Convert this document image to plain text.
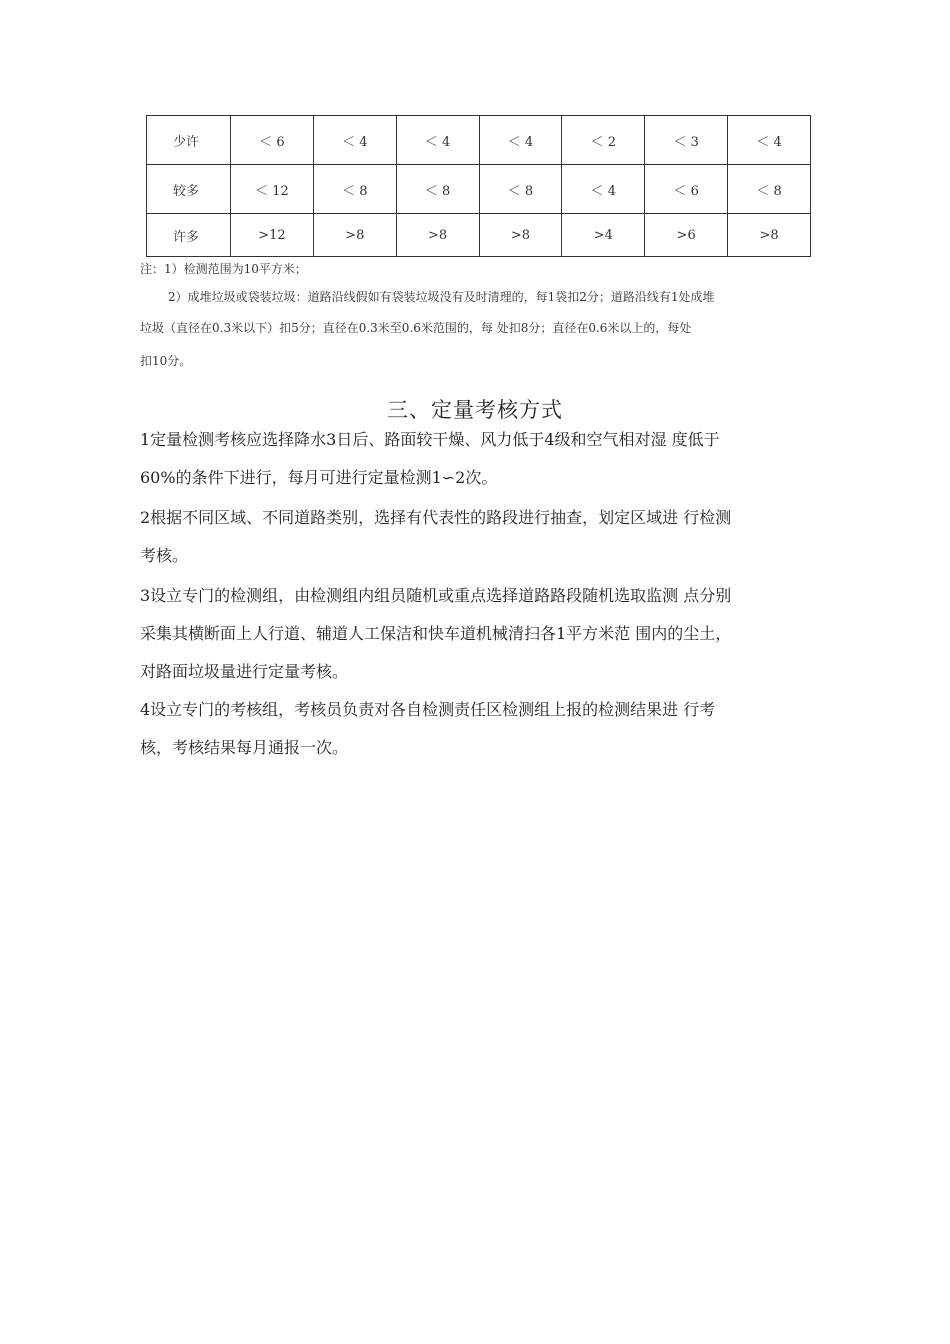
少许	＜ 6	＜ 4	＜ 4	＜ 4	＜ 2	＜ 3	＜ 4
较多	＜ 12	＜ 8	＜ 8	＜ 8	＜ 4	＜ 6	＜ 8
许多	>12	>8	>8	>8	>4	>6	>8
注：1）检测范围为10平方米；
2）成堆垃圾或袋装垃圾：道路沿线假如有袋装垃圾没有及时清理的，每1袋扣2分；道路沿线有1处成堆
垃圾（直径在0.3米以下）扣5分；直径在0.3米至0.6米范围的，每 处扣8分；直径在0.6米以上的，每处
扣10分。
三、定量考核方式
1定量检测考核应选择降水3日后、路面较干燥、风力低于4级和空气相对湿 度低于
60%的条件下进行，每月可进行定量检测1∽2次。
2根据不同区域、不同道路类别，选择有代表性的路段进行抽查，划定区域进 行检测
考核。
3设立专门的检测组，由检测组内组员随机或重点选择道路路段随机选取监测 点分别
采集其横断面上人行道、辅道人工保洁和快车道机械清扫各1平方米范 围内的尘土，
对路面垃圾量进行定量考核。
4设立专门的考核组，考核员负责对各自检测责任区检测组上报的检测结果进 行考
核，考核结果每月通报一次。
